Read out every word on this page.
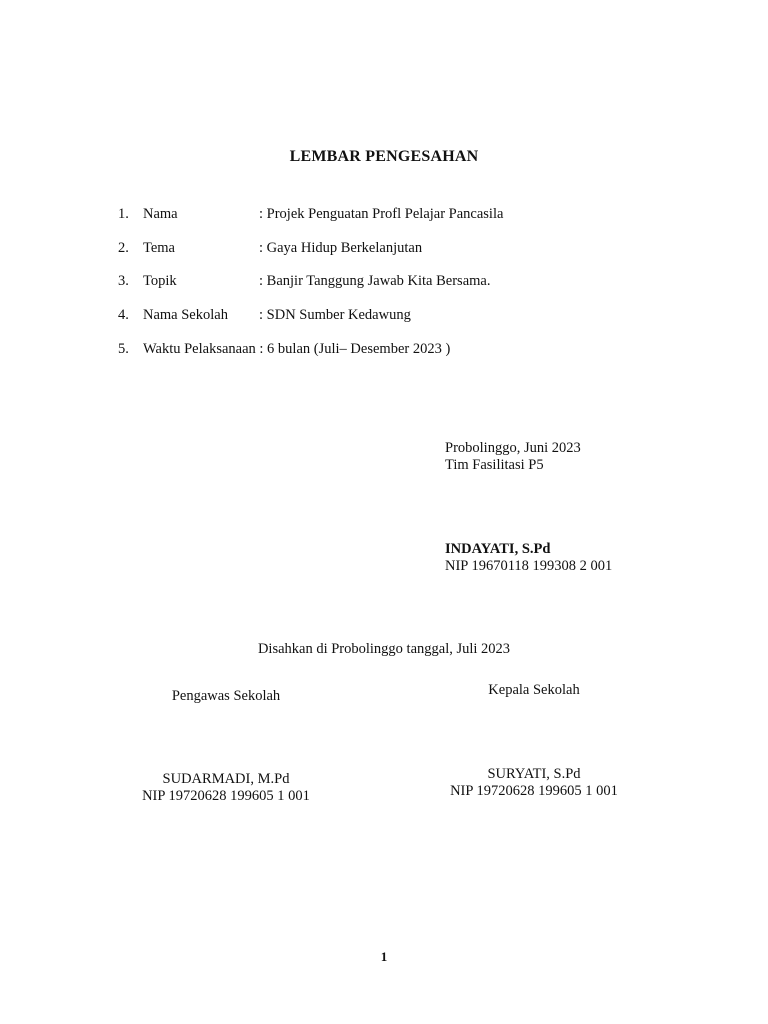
LEMBAR PENGESAHAN
1. Nama	: Projek Penguatan Profl Pelajar Pancasila
2. Tema	: Gaya Hidup Berkelanjutan
3. Topik	: Banjir Tanggung Jawab Kita Bersama.
4. Nama Sekolah : SDN Sumber Kedawung
5. Waktu Pelaksanaan : 6 bulan (Juli– Desember 2023 )
Probolinggo, Juni 2023
Tim Fasilitasi P5
INDAYATI, S.Pd
NIP 19670118 199308 2 001
Disahkan di Probolinggo tanggal, Juli 2023
Pengawas Sekolah	Kepala Sekolah
SUDARMADI, M.Pd
NIP 19720628 199605 1 001
SURYATI, S.Pd
NIP 19720628 199605 1 001
1
